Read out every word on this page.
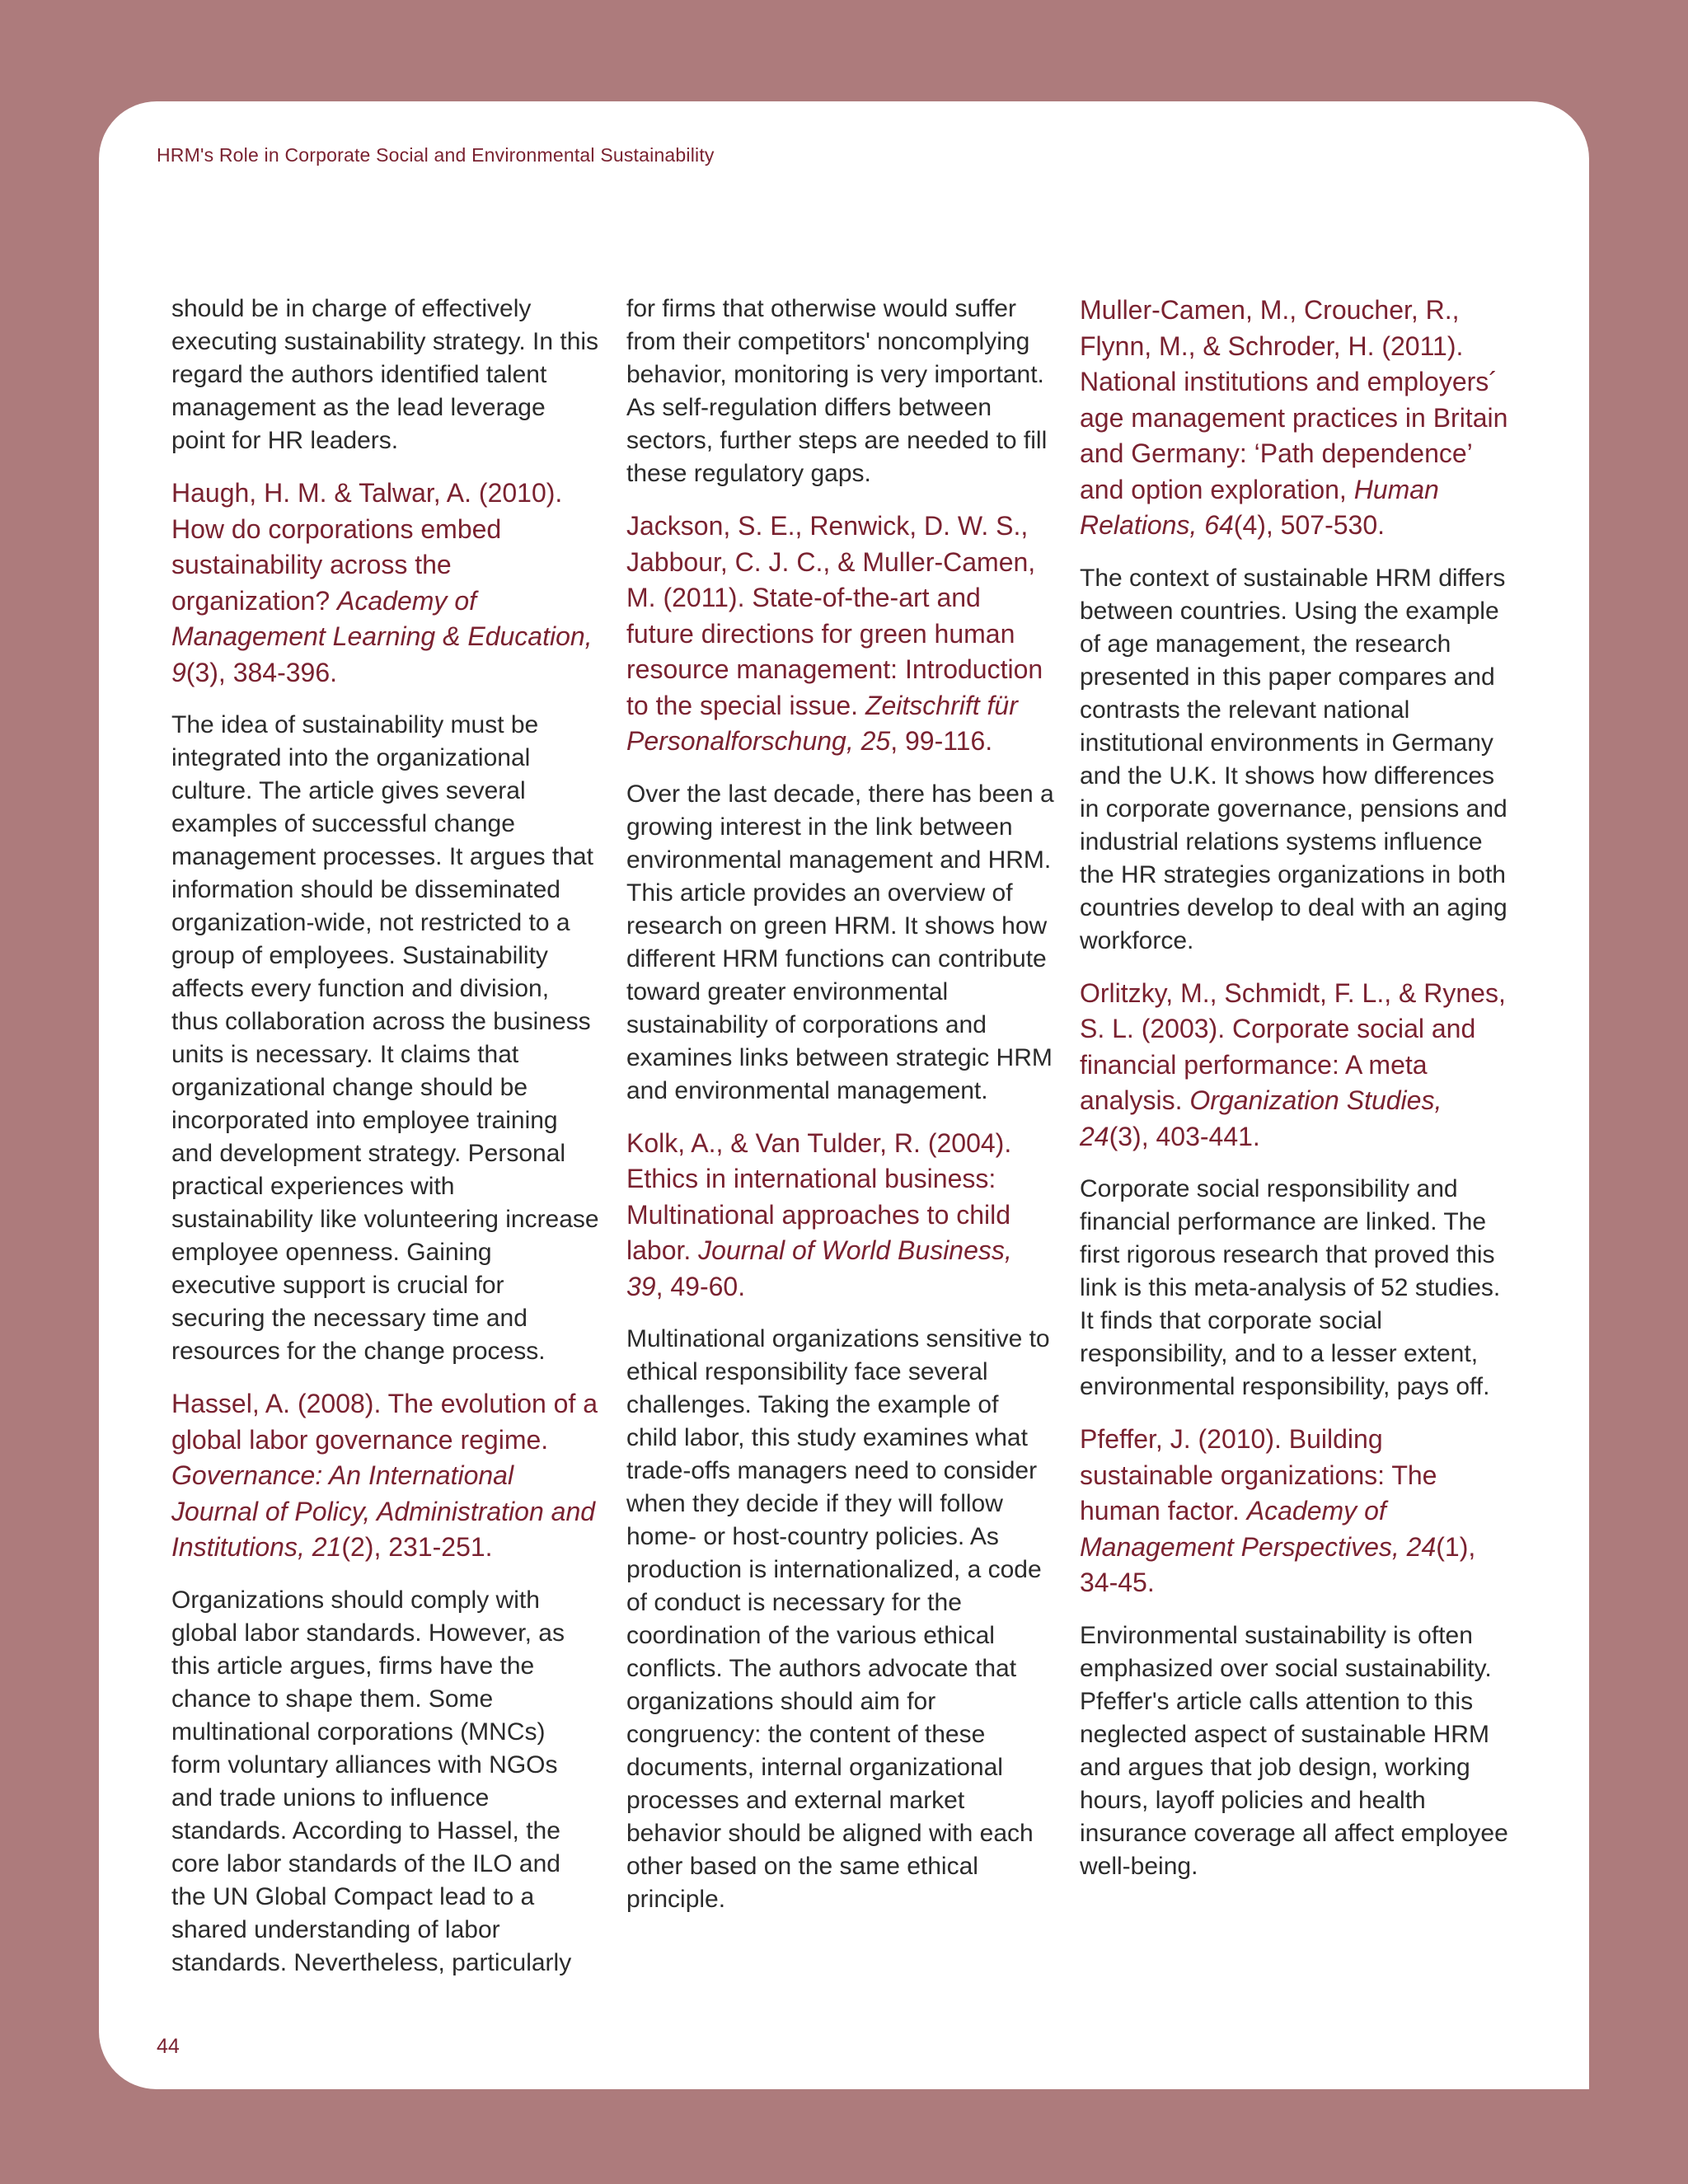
HRM's Role in Corporate Social and Environmental Sustainability

should be in charge of effectively executing sustainability strategy. In this regard the authors identified talent management as the lead leverage point for HR leaders.

Haugh, H. M. & Talwar, A. (2010). How do corporations embed sustainability across the organization? Academy of Management Learning & Education, 9(3), 384-396.

The idea of sustainability must be integrated into the organizational culture. The article gives several examples of successful change management processes. It argues that information should be disseminated organization-wide, not restricted to a group of employees. Sustainability affects every function and division, thus collaboration across the business units is necessary. It claims that organizational change should be incorporated into employee training and development strategy. Personal practical experiences with sustainability like volunteering increase employee openness. Gaining executive support is crucial for securing the necessary time and resources for the change process.

Hassel, A. (2008). The evolution of a global labor governance regime. Governance: An International Journal of Policy, Administration and Institutions, 21(2), 231-251.

Organizations should comply with global labor standards. However, as this article argues, firms have the chance to shape them. Some multinational corporations (MNCs) form voluntary alliances with NGOs and trade unions to influence standards. According to Hassel, the core labor standards of the ILO and the UN Global Compact lead to a shared understanding of labor standards. Nevertheless, particularly

for firms that otherwise would suffer from their competitors' noncomplying behavior, monitoring is very important. As self-regulation differs between sectors, further steps are needed to fill these regulatory gaps.

Jackson, S. E., Renwick, D. W. S., Jabbour, C. J. C., & Muller-Camen, M. (2011). State-of-the-art and future directions for green human resource management: Introduction to the special issue. Zeitschrift für Personalforschung, 25, 99-116.

Over the last decade, there has been a growing interest in the link between environmental management and HRM. This article provides an overview of research on green HRM. It shows how different HRM functions can contribute toward greater environmental sustainability of corporations and examines links between strategic HRM and environmental management.

Kolk, A., & Van Tulder, R. (2004). Ethics in international business: Multinational approaches to child labor. Journal of World Business, 39, 49-60.

Multinational organizations sensitive to ethical responsibility face several challenges. Taking the example of child labor, this study examines what trade-offs managers need to consider when they decide if they will follow home- or host-country policies. As production is internationalized, a code of conduct is necessary for the coordination of the various ethical conflicts. The authors advocate that organizations should aim for congruency: the content of these documents, internal organizational processes and external market behavior should be aligned with each other based on the same ethical principle.

Muller-Camen, M., Croucher, R., Flynn, M., & Schroder, H. (2011). National institutions and employers´ age management practices in Britain and Germany: ‘Path dependence’ and option exploration, Human Relations, 64(4), 507-530.

The context of sustainable HRM differs between countries. Using the example of age management, the research presented in this paper compares and contrasts the relevant national institutional environments in Germany and the U.K. It shows how differences in corporate governance, pensions and industrial relations systems influence the HR strategies organizations in both countries develop to deal with an aging workforce.

Orlitzky, M., Schmidt, F. L., & Rynes, S. L. (2003). Corporate social and financial performance: A meta analysis. Organization Studies, 24(3), 403-441.

Corporate social responsibility and financial performance are linked. The first rigorous research that proved this link is this meta-analysis of 52 studies. It finds that corporate social responsibility, and to a lesser extent, environmental responsibility, pays off.

Pfeffer, J. (2010). Building sustainable organizations: The human factor. Academy of Management Perspectives, 24(1), 34-45.

Environmental sustainability is often emphasized over social sustainability. Pfeffer's article calls attention to this neglected aspect of sustainable HRM and argues that job design, working hours, layoff policies and health insurance coverage all affect employee well-being.

44
